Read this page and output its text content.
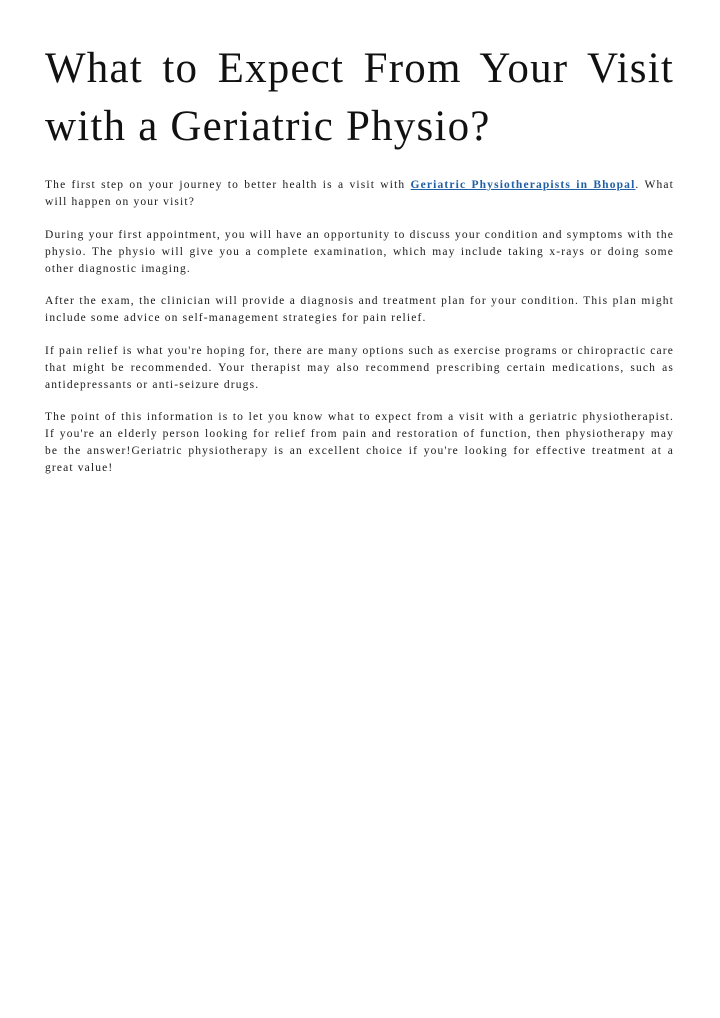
What to Expect From Your Visit with a Geriatric Physio?

The first step on your journey to better health is a visit with Geriatric Physiotherapists in Bhopal. What will happen on your visit?

During your first appointment, you will have an opportunity to discuss your condition and symptoms with the physio. The physio will give you a complete examination, which may include taking x-rays or doing some other diagnostic imaging.

After the exam, the clinician will provide a diagnosis and treatment plan for your condition. This plan might include some advice on self-management strategies for pain relief.

If pain relief is what you're hoping for, there are many options such as exercise programs or chiropractic care that might be recommended. Your therapist may also recommend prescribing certain medications, such as antidepressants or anti-seizure drugs.

The point of this information is to let you know what to expect from a visit with a geriatric physiotherapist. If you're an elderly person looking for relief from pain and restoration of function, then physiotherapy may be the answer!Geriatric physiotherapy is an excellent choice if you're looking for effective treatment at a great value!
